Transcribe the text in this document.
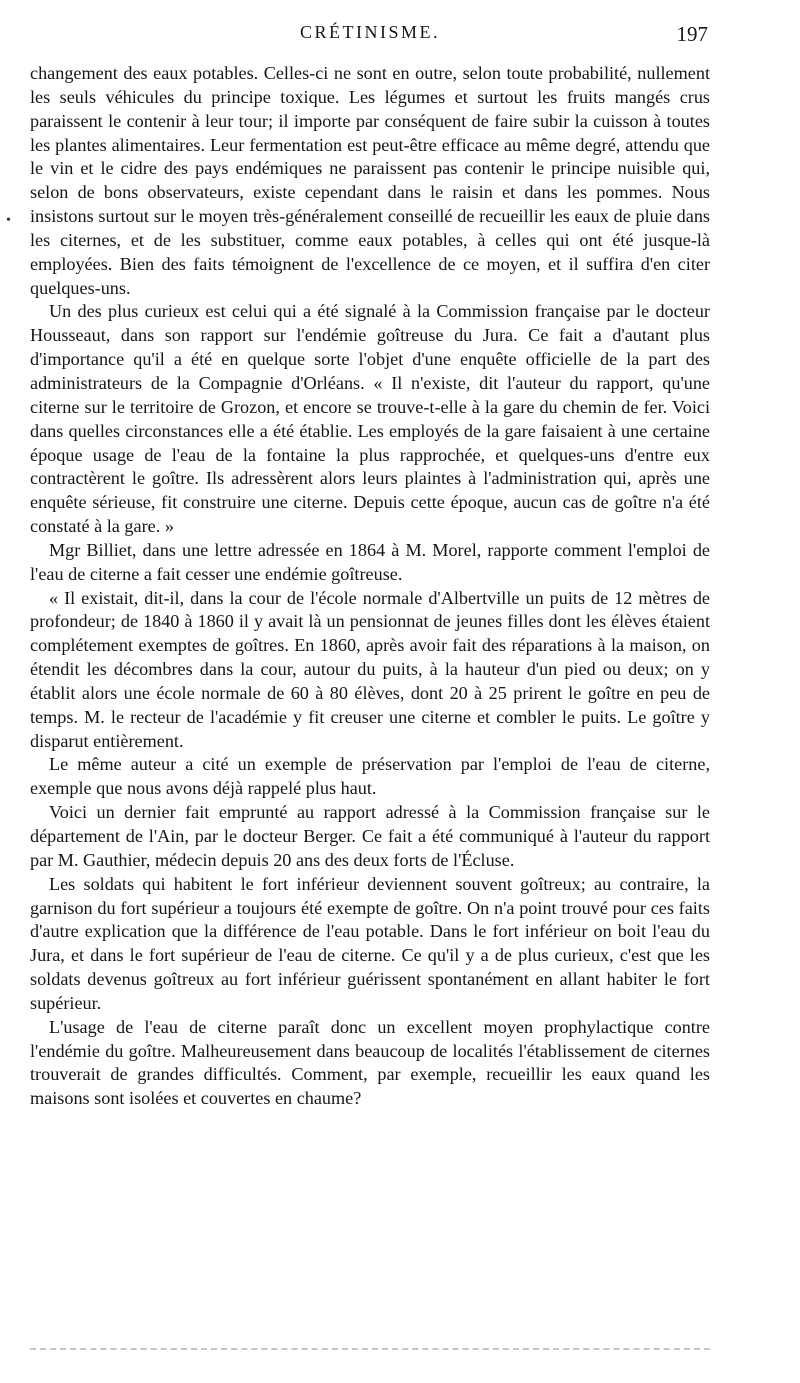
•
CRÉTINISME.	197

changement des eaux potables. Celles-ci ne sont en outre, selon toute probabilité, nullement les seuls véhicules du principe toxique. Les légumes et surtout les fruits mangés crus paraissent le contenir à leur tour; il importe par conséquent de faire subir la cuisson à toutes les plantes alimentaires. Leur fermentation est peut-être efficace au même degré, attendu que le vin et le cidre des pays endémiques ne paraissent pas contenir le principe nuisible qui, selon de bons observateurs, existe cependant dans le raisin et dans les pommes. Nous insistons surtout sur le moyen très-généralement conseillé de recueillir les eaux de pluie dans les citernes, et de les substituer, comme eaux potables, à celles qui ont été jusque-là employées. Bien des faits témoignent de l'excellence de ce moyen, et il suffira d'en citer quelques-uns.

Un des plus curieux est celui qui a été signalé à la Commission française par le docteur Housseaut, dans son rapport sur l'endémie goîtreuse du Jura. Ce fait a d'autant plus d'importance qu'il a été en quelque sorte l'objet d'une enquête officielle de la part des administrateurs de la Compagnie d'Orléans. « Il n'existe, dit l'auteur du rapport, qu'une citerne sur le territoire de Grozon, et encore se trouve-t-elle à la gare du chemin de fer. Voici dans quelles circonstances elle a été établie. Les employés de la gare faisaient à une certaine époque usage de l'eau de la fontaine la plus rapprochée, et quelques-uns d'entre eux contractèrent le goître. Ils adressèrent alors leurs plaintes à l'administration qui, après une enquête sérieuse, fit construire une citerne. Depuis cette époque, aucun cas de goître n'a été constaté à la gare. »

Mgr Billiet, dans une lettre adressée en 1864 à M. Morel, rapporte comment l'emploi de l'eau de citerne a fait cesser une endémie goîtreuse.

« Il existait, dit-il, dans la cour de l'école normale d'Albertville un puits de 12 mètres de profondeur; de 1840 à 1860 il y avait là un pensionnat de jeunes filles dont les élèves étaient complétement exemptes de goîtres. En 1860, après avoir fait des réparations à la maison, on étendit les décombres dans la cour, autour du puits, à la hauteur d'un pied ou deux; on y établit alors une école normale de 60 à 80 élèves, dont 20 à 25 prirent le goître en peu de temps. M. le recteur de l'académie y fit creuser une citerne et combler le puits. Le goître y disparut entièrement.

Le même auteur a cité un exemple de préservation par l'emploi de l'eau de citerne, exemple que nous avons déjà rappelé plus haut.

Voici un dernier fait emprunté au rapport adressé à la Commission française sur le département de l'Ain, par le docteur Berger. Ce fait a été communiqué à l'auteur du rapport par M. Gauthier, médecin depuis 20 ans des deux forts de l'Écluse.

Les soldats qui habitent le fort inférieur deviennent souvent goîtreux; au contraire, la garnison du fort supérieur a toujours été exempte de goître. On n'a point trouvé pour ces faits d'autre explication que la différence de l'eau potable. Dans le fort inférieur on boit l'eau du Jura, et dans le fort supérieur de l'eau de citerne. Ce qu'il y a de plus curieux, c'est que les soldats devenus goîtreux au fort inférieur guérissent spontanément en allant habiter le fort supérieur.

L'usage de l'eau de citerne paraît donc un excellent moyen prophylactique contre l'endémie du goître. Malheureusement dans beaucoup de localités l'établissement de citernes trouverait de grandes difficultés. Comment, par exemple, recueillir les eaux quand les maisons sont isolées et couvertes en chaume?
